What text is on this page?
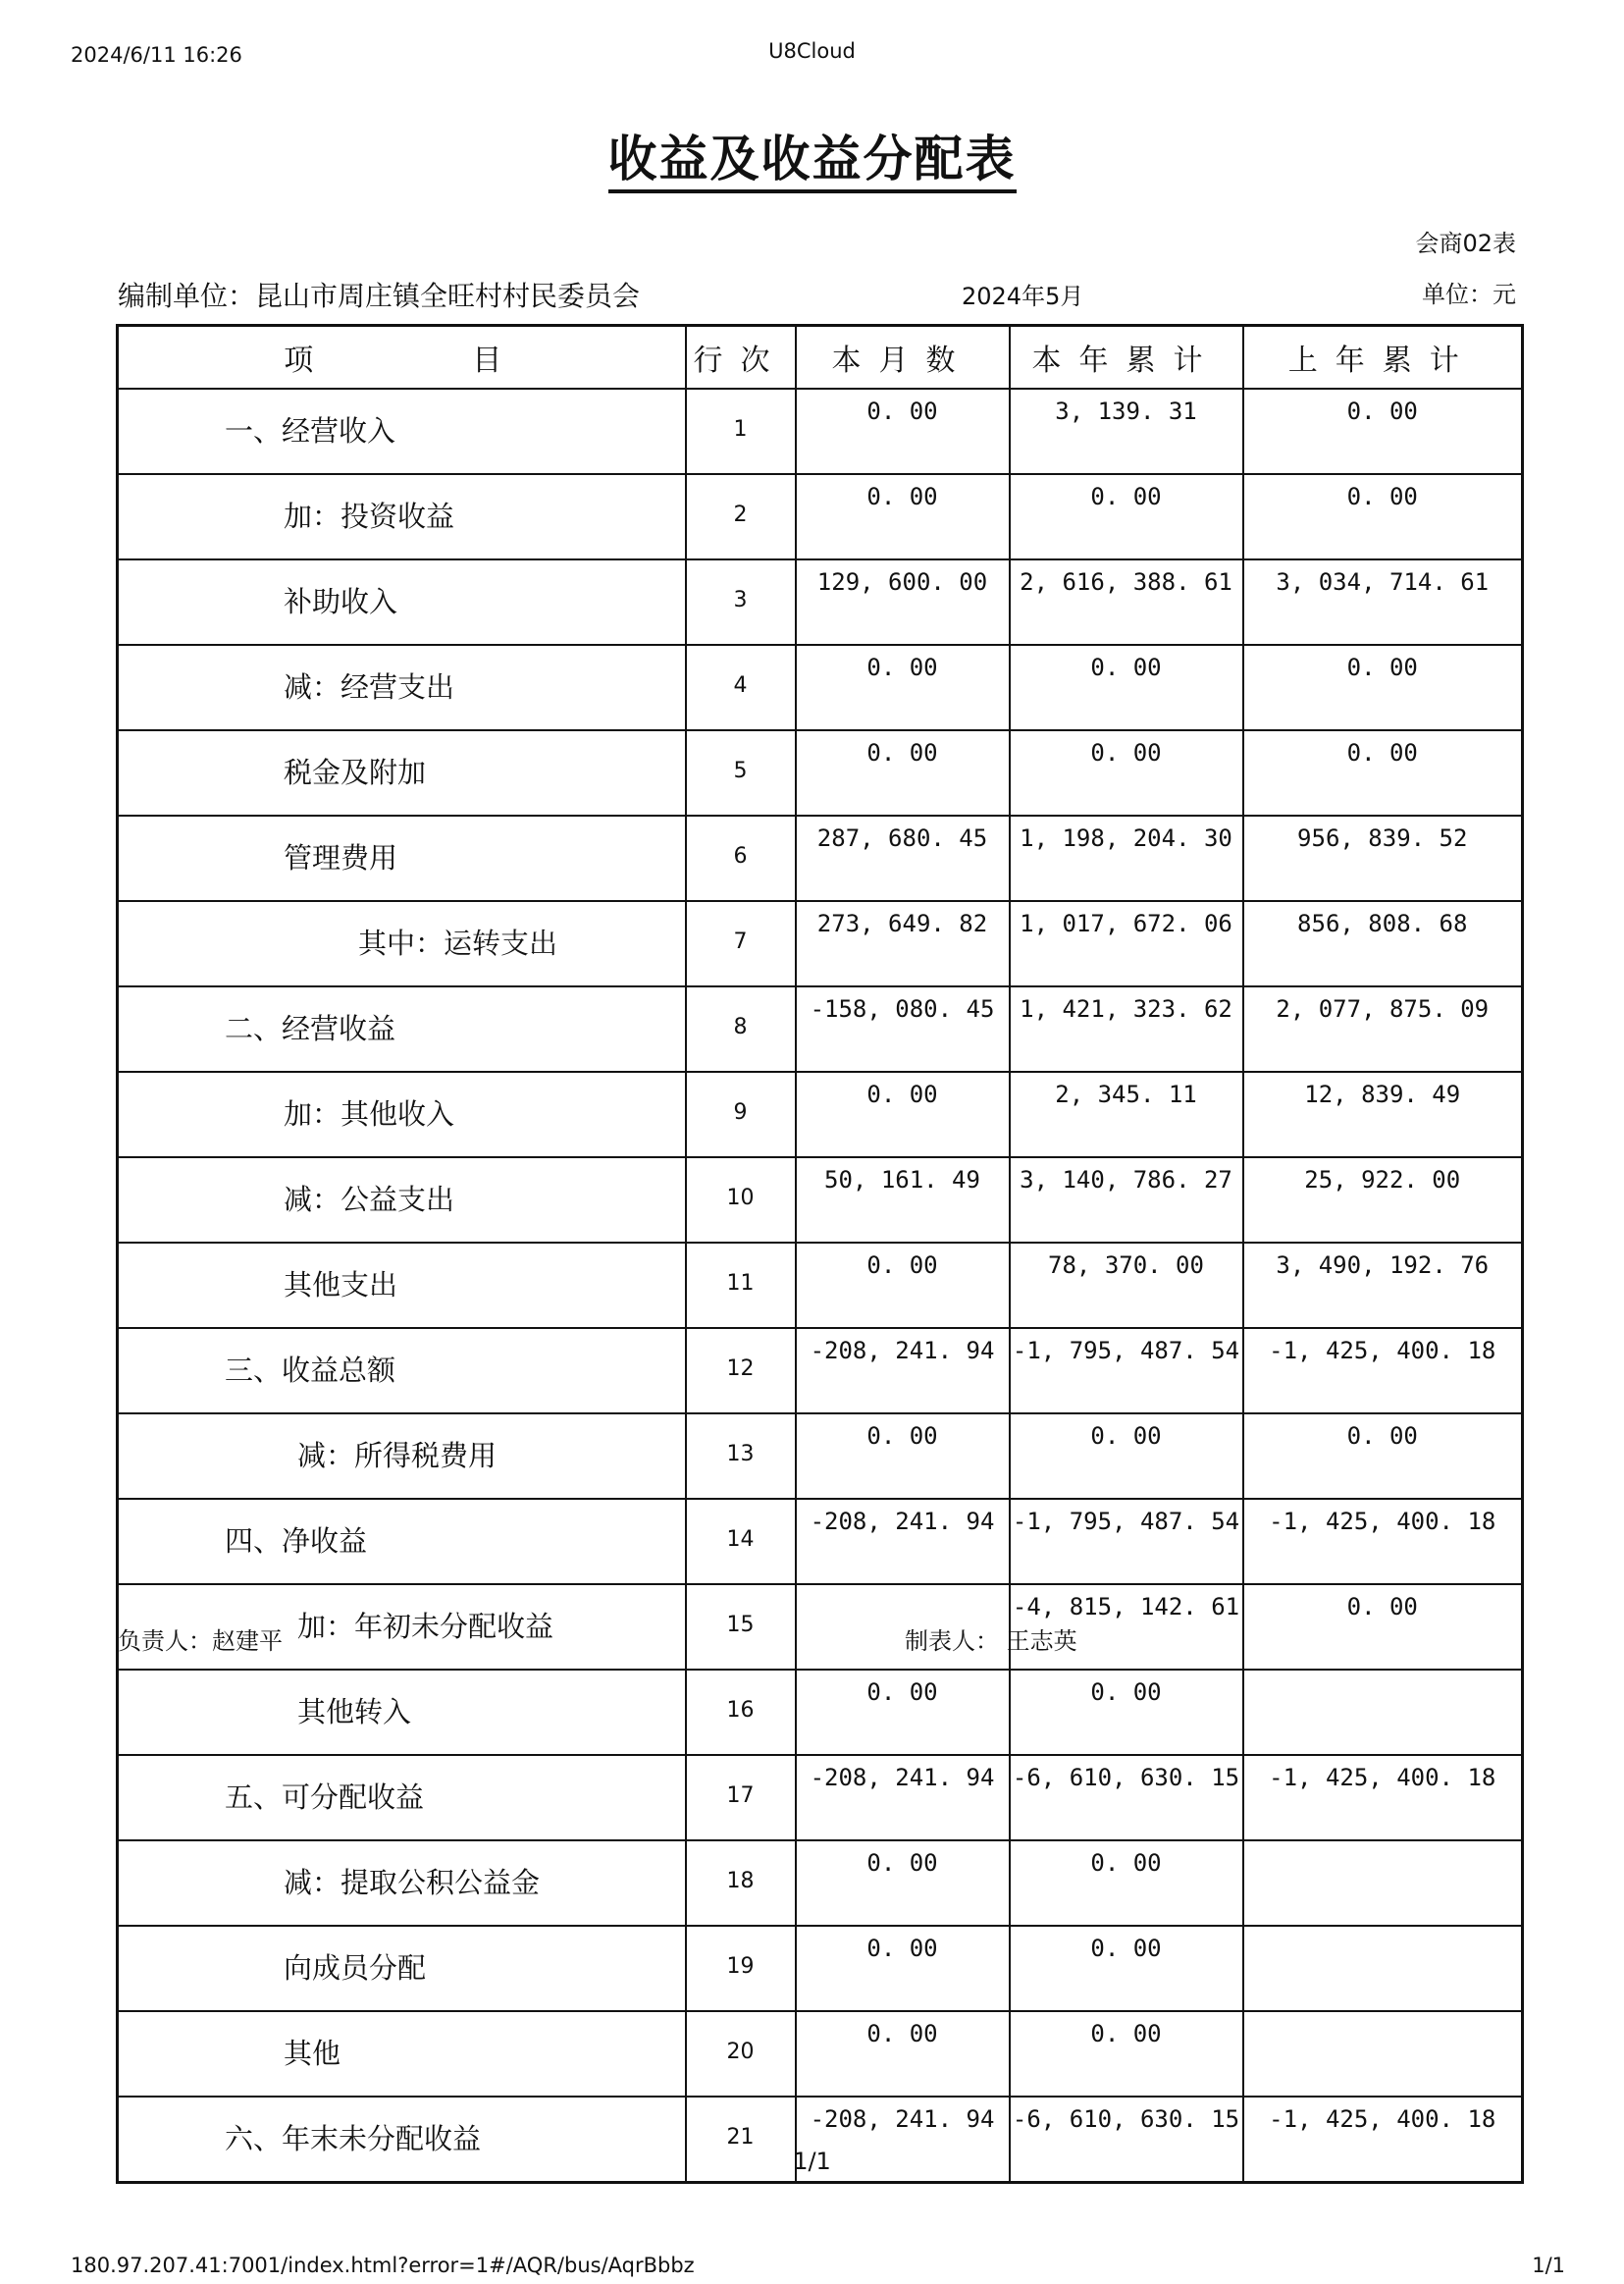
2024/6/11 16:26	U8Cloud
收益及收益分配表
会商02表
编制单位：昆山市周庄镇全旺村村民委员会	2024年5月	单位：元
项　　　目	行次	本月数	本年累计	上年累计
一、经营收入	1	0. 00	3, 139. 31	0. 00
加：投资收益	2	0. 00	0. 00	0. 00
补助收入	3	129, 600. 00	2, 616, 388. 61	3, 034, 714. 61
减：经营支出	4	0. 00	0. 00	0. 00
税金及附加	5	0. 00	0. 00	0. 00
管理费用	6	287, 680. 45	1, 198, 204. 30	956, 839. 52
其中：运转支出	7	273, 649. 82	1, 017, 672. 06	856, 808. 68
二、经营收益	8	-158, 080. 45	1, 421, 323. 62	2, 077, 875. 09
加：其他收入	9	0. 00	2, 345. 11	12, 839. 49
减：公益支出	10	50, 161. 49	3, 140, 786. 27	25, 922. 00
其他支出	11	0. 00	78, 370. 00	3, 490, 192. 76
三、收益总额	12	-208, 241. 94	-1, 795, 487. 54	-1, 425, 400. 18
减：所得税费用	13	0. 00	0. 00	0. 00
四、净收益	14	-208, 241. 94	-1, 795, 487. 54	-1, 425, 400. 18
加：年初未分配收益	15		-4, 815, 142. 61	0. 00
其他转入	16	0. 00	0. 00	
五、可分配收益	17	-208, 241. 94	-6, 610, 630. 15	-1, 425, 400. 18
减：提取公积公益金	18	0. 00	0. 00	
向成员分配	19	0. 00	0. 00	
其他	20	0. 00	0. 00	
六、年末未分配收益	21	-208, 241. 94	-6, 610, 630. 15	-1, 425, 400. 18
负责人：赵建平	制表人： 王志英
1/1
180.97.207.41:7001/index.html?error=1#/AQR/bus/AqrBbbz	1/1
